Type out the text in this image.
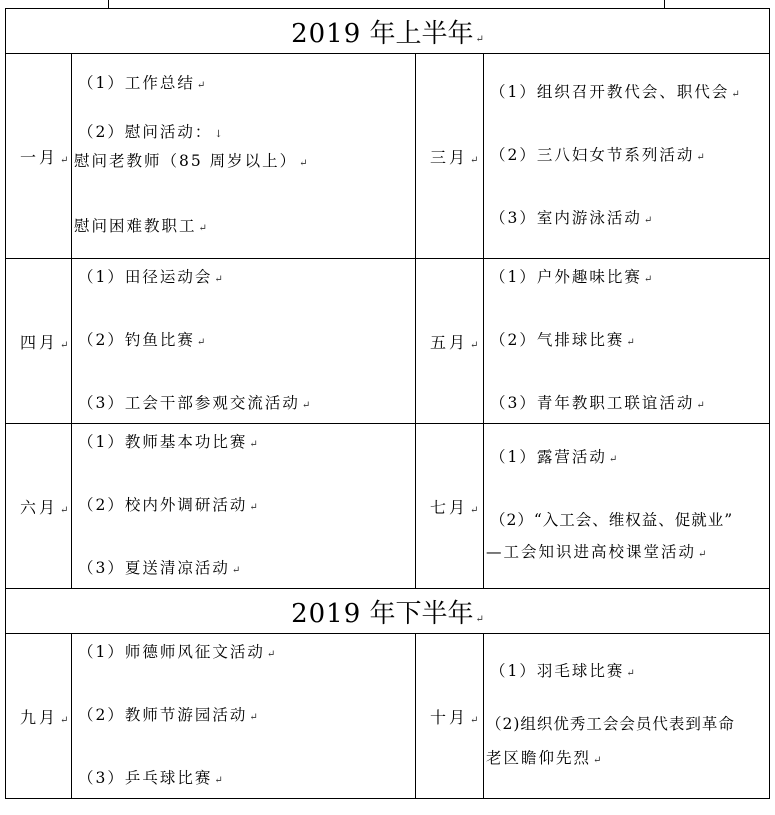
2019 年上半年 ↵			
一月 ↵	（1）工作总结 ↵
（2）慰问活动： ↓
慰问老教师（85 周岁以上） ↵
慰问困难教职工 ↵	三月 ↵	（1）组织召开教代会、职代会 ↵
（2）三八妇女节系列活动 ↵
（3）室内游泳活动 ↵

四月 ↵	（1）田径运动会 ↵
（2）钓鱼比赛 ↵
（3）工会干部参观交流活动 ↵	五月 ↵	（1）户外趣味比赛 ↵
（2）气排球比赛 ↵
（3）青年教职工联谊活动 ↵

六月 ↵	（1）教师基本功比赛 ↵
（2）校内外调研活动 ↵
（3）夏送清凉活动 ↵	七月 ↵	（1）露营活动 ↵
（2）“入工会、维权益、促就业”
—工会知识进高校课堂活动 ↵

2019 年下半年 ↵			
九月 ↵	（1）师德师风征文活动 ↵
（2）教师节游园活动 ↵
（3）乒乓球比赛 ↵	十月 ↵	（1）羽毛球比赛 ↵
（2)组织优秀工会会员代表到革命
老区瞻仰先烈 ↵
